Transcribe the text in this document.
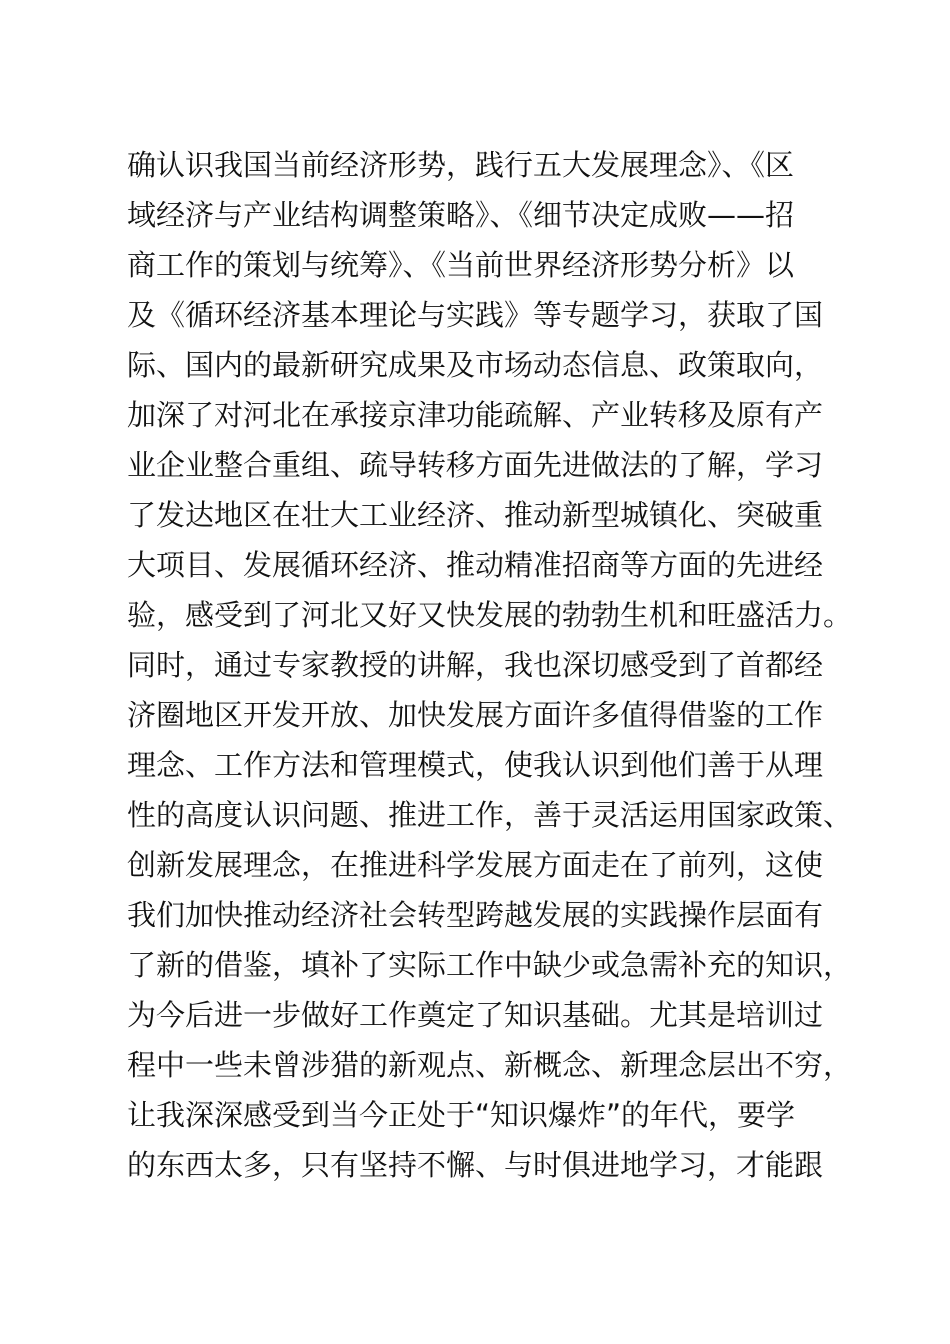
确认识我国当前经济形势，践行五大发展理念》、《区
域经济与产业结构调整策略》、《细节决定成败——招
商工作的策划与统筹》、《当前世界经济形势分析》以
及《循环经济基本理论与实践》等专题学习，获取了国
际、国内的最新研究成果及市场动态信息、政策取向，
加深了对河北在承接京津功能疏解、产业转移及原有产
业企业整合重组、疏导转移方面先进做法的了解，学习
了发达地区在壮大工业经济、推动新型城镇化、突破重
大项目、发展循环经济、推动精准招商等方面的先进经
验，感受到了河北又好又快发展的勃勃生机和旺盛活力。
同时，通过专家教授的讲解，我也深切感受到了首都经
济圈地区开发开放、加快发展方面许多值得借鉴的工作
理念、工作方法和管理模式，使我认识到他们善于从理
性的高度认识问题、推进工作，善于灵活运用国家政策、
创新发展理念，在推进科学发展方面走在了前列，这使
我们加快推动经济社会转型跨越发展的实践操作层面有
了新的借鉴，填补了实际工作中缺少或急需补充的知识，
为今后进一步做好工作奠定了知识基础。尤其是培训过
程中一些未曾涉猎的新观点、新概念、新理念层出不穷，
让我深深感受到当今正处于“知识爆炸”的年代，要学
的东西太多，只有坚持不懈、与时俱进地学习，才能跟
